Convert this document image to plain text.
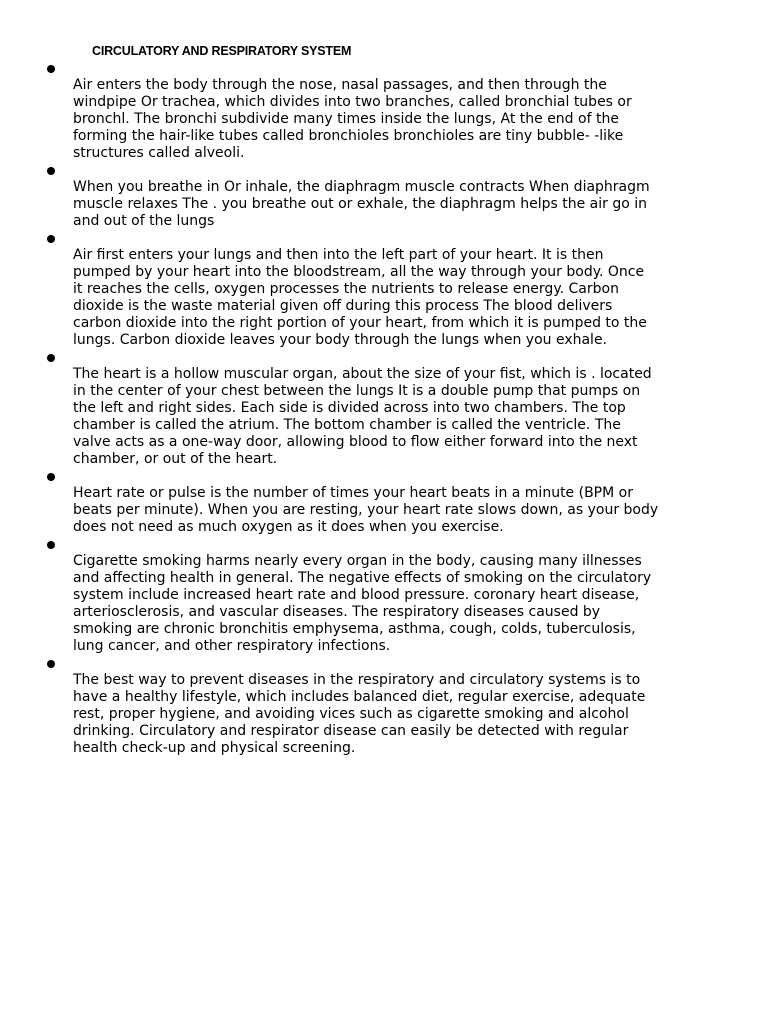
CIRCULATORY AND RESPIRATORY SYSTEM

Air enters the body through the nose, nasal passages, and then through the
windpipe Or trachea, which divides into two branches, called bronchial tubes or
bronchl. The bronchi subdivide many times inside the lungs, At the end of the
forming the hair-like tubes called bronchioles bronchioles are tiny bubble- -like
structures called alveoli.

When you breathe in Or inhale, the diaphragm muscle contracts When diaphragm
muscle relaxes The . you breathe out or exhale, the diaphragm helps the air go in
and out of the lungs

Air first enters your lungs and then into the left part of your heart. It is then
pumped by your heart into the bloodstream, all the way through your body. Once
it reaches the cells, oxygen processes the nutrients to release energy. Carbon
dioxide is the waste material given off during this process The blood delivers
carbon dioxide into the right portion of your heart, from which it is pumped to the
lungs. Carbon dioxide leaves your body through the lungs when you exhale.

The heart is a hollow muscular organ, about the size of your fist, which is . located
in the center of your chest between the lungs It is a double pump that pumps on
the left and right sides. Each side is divided across into two chambers. The top
chamber is called the atrium. The bottom chamber is called the ventricle. The
valve acts as a one-way door, allowing blood to flow either forward into the next
chamber, or out of the heart.

Heart rate or pulse is the number of times your heart beats in a minute (BPM or
beats per minute). When you are resting, your heart rate slows down, as your body
does not need as much oxygen as it does when you exercise.

Cigarette smoking harms nearly every organ in the body, causing many illnesses
and affecting health in general. The negative effects of smoking on the circulatory
system include increased heart rate and blood pressure. coronary heart disease,
arteriosclerosis, and vascular diseases. The respiratory diseases caused by
smoking are chronic bronchitis emphysema, asthma, cough, colds, tuberculosis,
lung cancer, and other respiratory infections.

The best way to prevent diseases in the respiratory and circulatory systems is to
have a healthy lifestyle, which includes balanced diet, regular exercise, adequate
rest, proper hygiene, and avoiding vices such as cigarette smoking and alcohol
drinking. Circulatory and respirator disease can easily be detected with regular
health check-up and physical screening.
